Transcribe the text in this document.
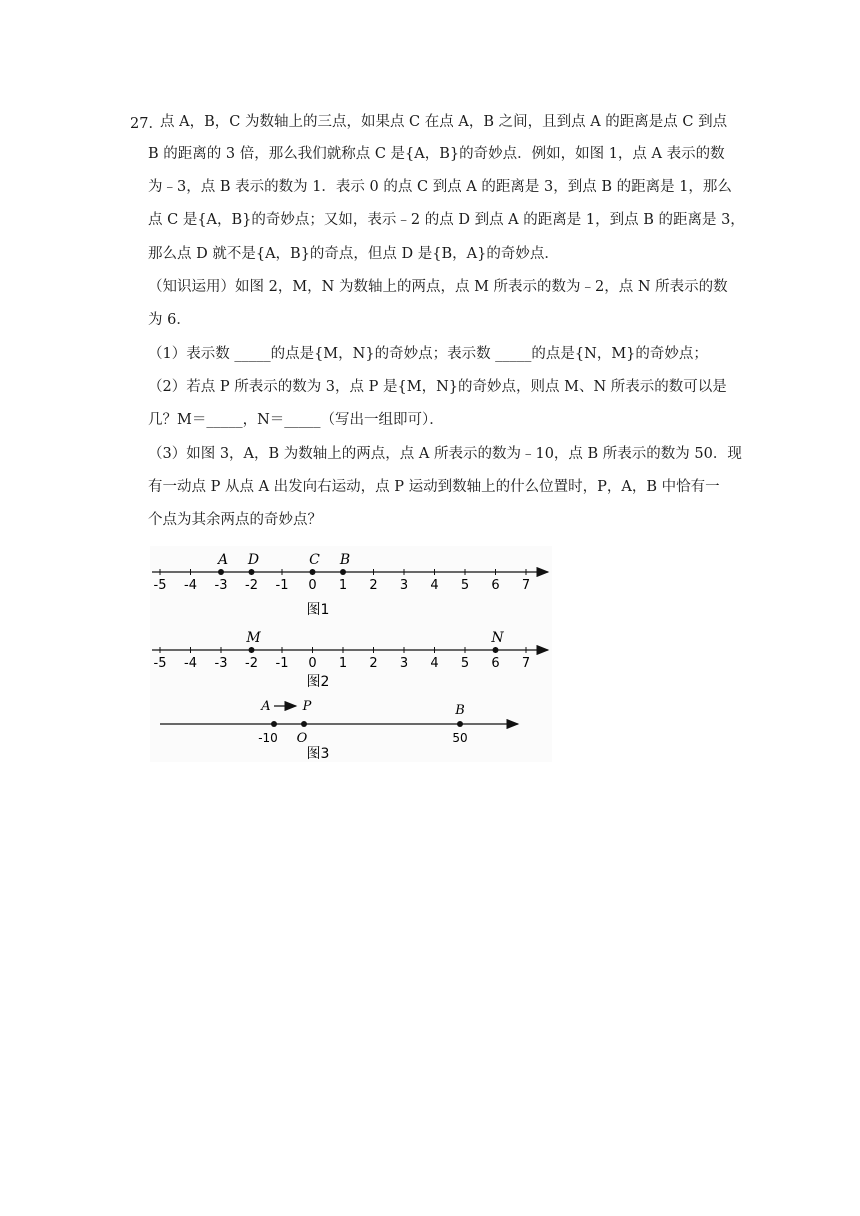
27．
点 A，B，C 为数轴上的三点，如果点 C 在点 A，B 之间，且到点 A 的距离是点 C 到点
B 的距离的 3 倍，那么我们就称点 C 是{A，B}的奇妙点．例如，如图 1，点 A 表示的数
为﹣3，点 B 表示的数为 1．表示 0 的点 C 到点 A 的距离是 3，到点 B 的距离是 1，那么
点 C 是{A，B}的奇妙点；又如，表示﹣2 的点 D 到点 A 的距离是 1，到点 B 的距离是 3，
那么点 D 就不是{A，B}的奇点，但点 D 是{B，A}的奇妙点．
（知识运用）如图 2，M，N 为数轴上的两点，点 M 所表示的数为﹣2，点 N 所表示的数
为 6．
（1）表示数 _____的点是{M，N}的奇妙点；表示数 _____的点是{N，M}的奇妙点；
（2）若点 P 所表示的数为 3，点 P 是{M，N}的奇妙点，则点 M、N 所表示的数可以是
几？M＝_____，N＝_____（写出一组即可）．
（3）如图 3，A，B 为数轴上的两点，点 A 所表示的数为﹣10，点 B 所表示的数为 50．现
有一动点 P 从点 A 出发向右运动，点 P 运动到数轴上的什么位置时，P，A，B 中恰有一
个点为其余两点的奇妙点？
-5 -4 -3 -2 -1 0 1 2 3 4 5 6 7
A D	C B
图1
-5 -4 -3 -2 -1 0 1 2 3 4 5 6 7
M	N
图2
A P	B
-10 O	50
图3
